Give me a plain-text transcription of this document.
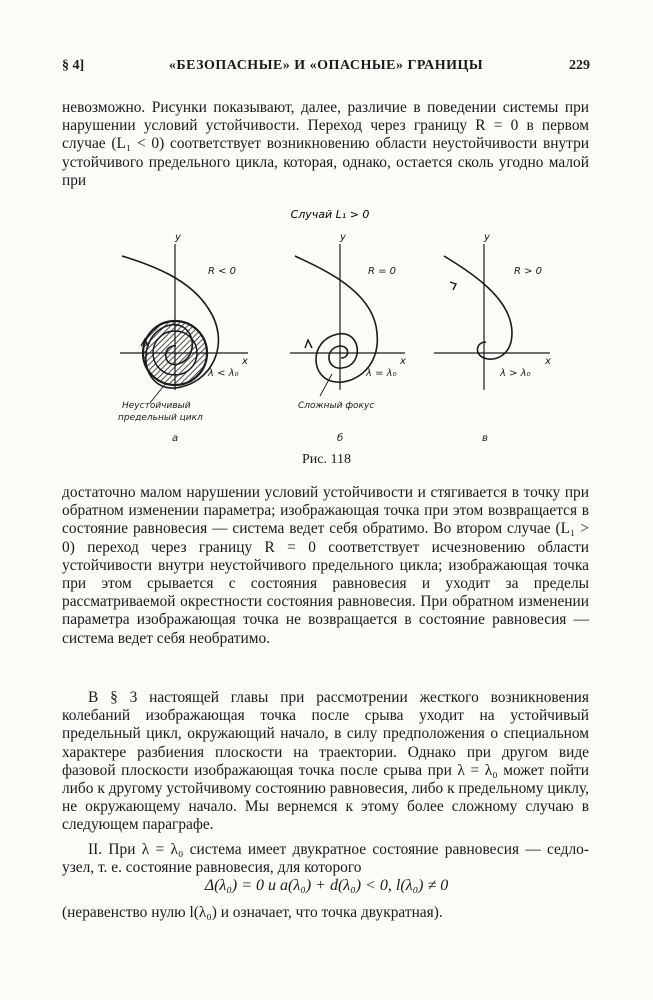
§ 4]	«БЕЗОПАСНЫЕ» И «ОПАСНЫЕ» ГРАНИЦЫ	229

невозможно. Рисунки показывают, далее, различие в поведении системы при нарушении условий устойчивости. Переход через границу R = 0 в первом случае (L₁ < 0) соответствует возникновению области неустойчивости внутри устойчивого предельного цикла, которая, однако, остается сколь угодно малой при

Случай L₁ > 0
y
x
R < 0
λ < λ₀
Неустойчивый
предельный цикл
а
y
x
R = 0
λ = λ₀
Сложный фокус
б
y
x
R > 0
λ > λ₀
в
Рис. 118

достаточно малом нарушении условий устойчивости и стягивается в точку при обратном изменении параметра; изображающая точка при этом возвращается в состояние равновесия — система ведет себя обратимо. Во втором случае (L₁ > 0) переход через границу R = 0 соответствует исчезновению области устойчивости внутри неустойчивого предельного цикла; изображающая точка при этом срывается с состояния равновесия и уходит за пределы рассматриваемой окрестности состояния равновесия. При обратном изменении параметра изображающая точка не возвращается в состояние равновесия — система ведет себя необратимо.

В § 3 настоящей главы при рассмотрении жесткого возникновения колебаний изображающая точка после срыва уходит на устойчивый предельный цикл, окружающий начало, в силу предположения о специальном характере разбиения плоскости на траектории. Однако при другом виде фазовой плоскости изображающая точка после срыва при λ = λ₀ может пойти либо к другому устойчивому состоянию равновесия, либо к предельному циклу, не окружающему начало. Мы вернемся к этому более сложному случаю в следующем параграфе.

II. При λ = λ₀ система имеет двукратное состояние равновесия — седло-узел, т. е. состояние равновесия, для которого

Δ(λ₀) = 0 и a(λ₀) + d(λ₀) < 0, l(λ₀) ≠ 0
(неравенство нулю l(λ₀) и означает, что точка двукратная).
